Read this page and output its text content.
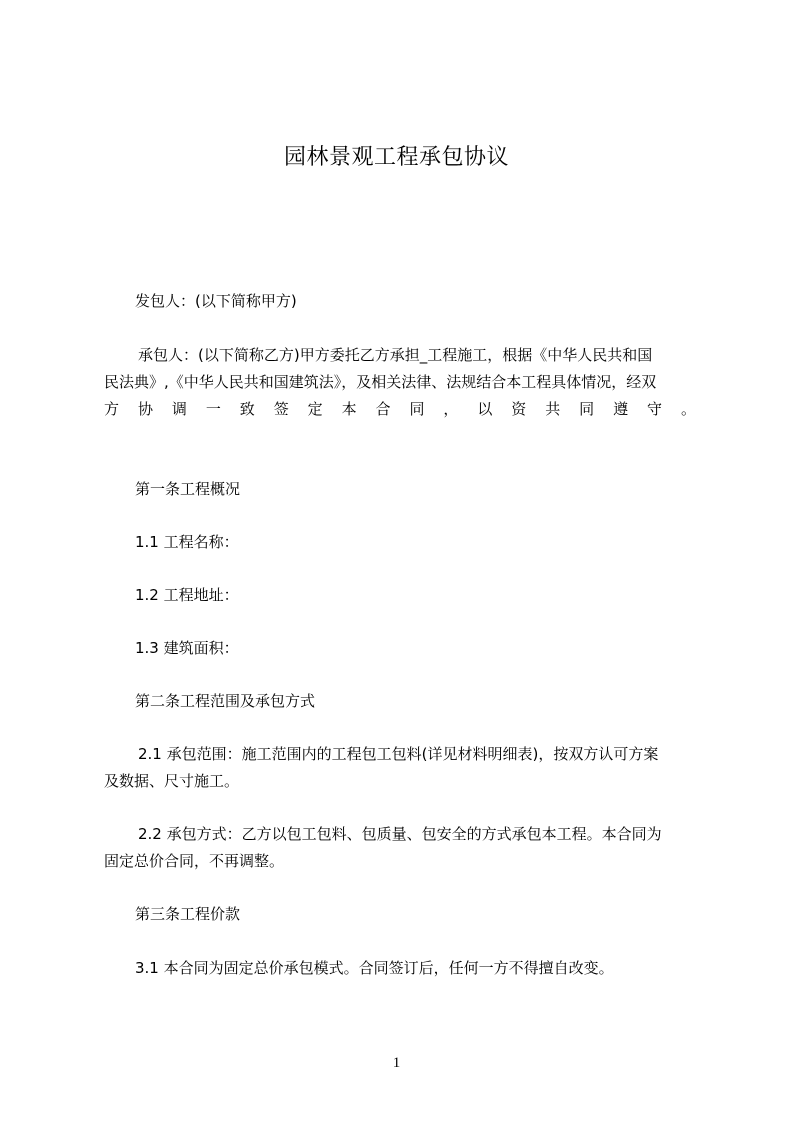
园林景观工程承包协议
发包人：(以下简称甲方)
承包人：(以下简称乙方)甲方委托乙方承担_工程施工，根据《中华人民共和国
民法典》,《中华人民共和国建筑法》，及相关法律、法规结合本工程具体情况，经双
方 协 调 一 致 签 定 本 合 同 ， 以 资 共 同 遵 守 。
第一条工程概况
1.1 工程名称：
1.2 工程地址：
1.3 建筑面积：
第二条工程范围及承包方式
2.1 承包范围：施工范围内的工程包工包料(详见材料明细表)，按双方认可方案
及数据、尺寸施工。
2.2 承包方式：乙方以包工包料、包质量、包安全的方式承包本工程。本合同为
固定总价合同，不再调整。
第三条工程价款
3.1 本合同为固定总价承包模式。合同签订后，任何一方不得擅自改变。
1
